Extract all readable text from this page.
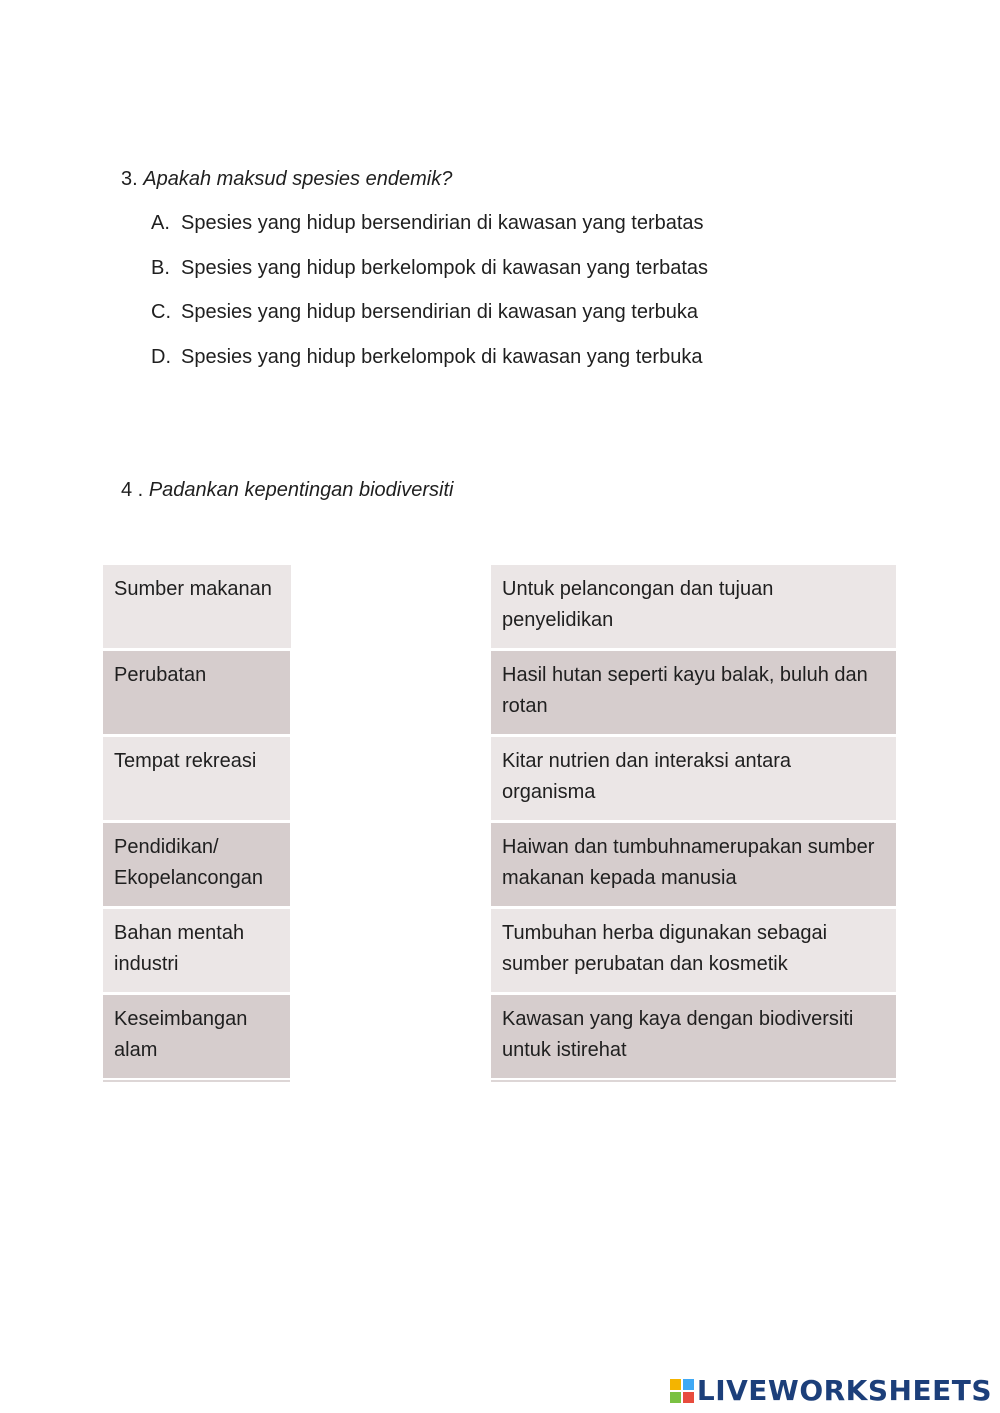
3. Apakah maksud spesies endemik?
A. Spesies yang hidup bersendirian di kawasan yang terbatas
B. Spesies yang hidup berkelompok di kawasan yang terbatas
C. Spesies yang hidup bersendirian di kawasan yang terbuka
D. Spesies yang hidup berkelompok di kawasan yang terbuka
4 . Padankan kepentingan biodiversiti
Sumber makanan
Perubatan
Tempat rekreasi
Pendidikan/ Ekopelancongan
Bahan mentah industri
Keseimbangan alam
Untuk pelancongan dan tujuan penyelidikan
Hasil hutan seperti kayu balak, buluh dan rotan
Kitar nutrien dan interaksi antara organisma
Haiwan dan tumbuhnamerupakan sumber makanan kepada manusia
Tumbuhan herba digunakan sebagai sumber perubatan dan kosmetik
Kawasan yang kaya dengan biodiversiti untuk istirehat
LIVEWORKSHEETS
